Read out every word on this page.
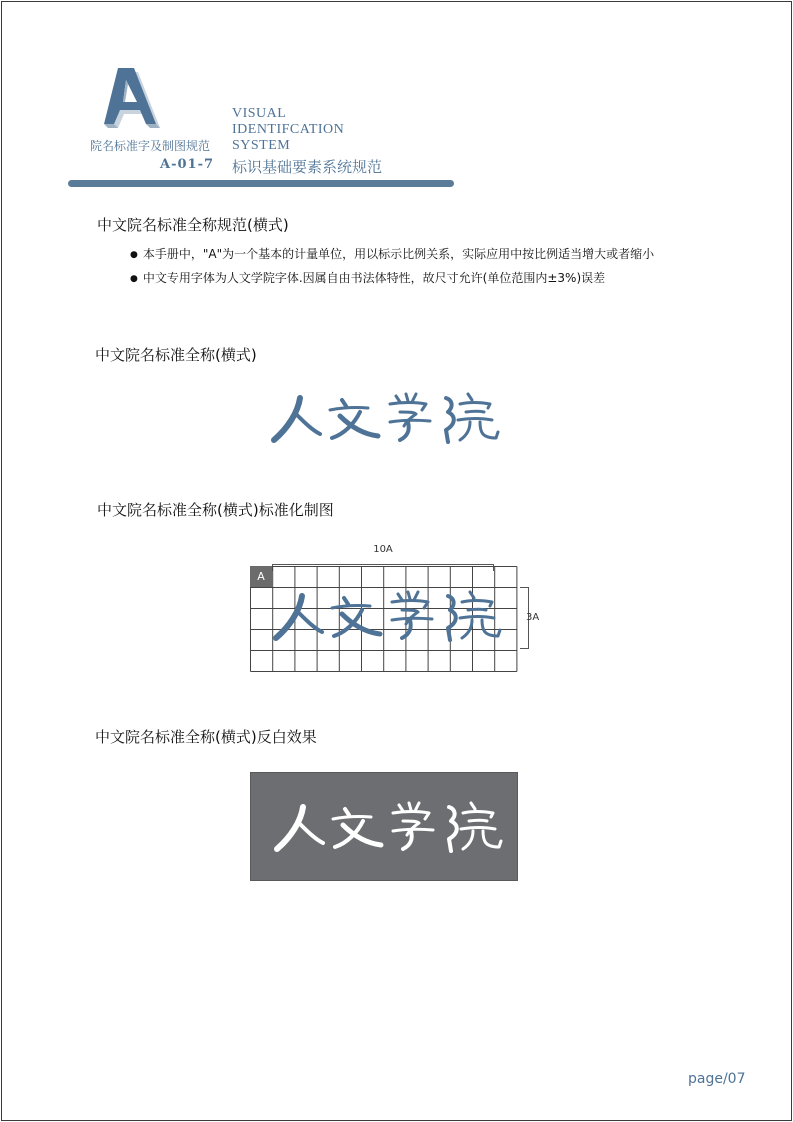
院名标准字及制图规范
A-01-7
VISUAL
IDENTIFCATION
SYSTEM
标识基础要素系统规范
中文院名标准全称规范(横式)
● 本手册中，"A"为一个基本的计量单位，用以标示比例关系，实际应用中按比例适当增大或者缩小
● 中文专用字体为人文学院字体.因属自由书法体特性，故尺寸允许(单位范围内±3%)误差
中文院名标准全称(横式)
中文院名标准全称(横式)标准化制图
10A
A
3A
中文院名标准全称(横式)反白效果
page/07
